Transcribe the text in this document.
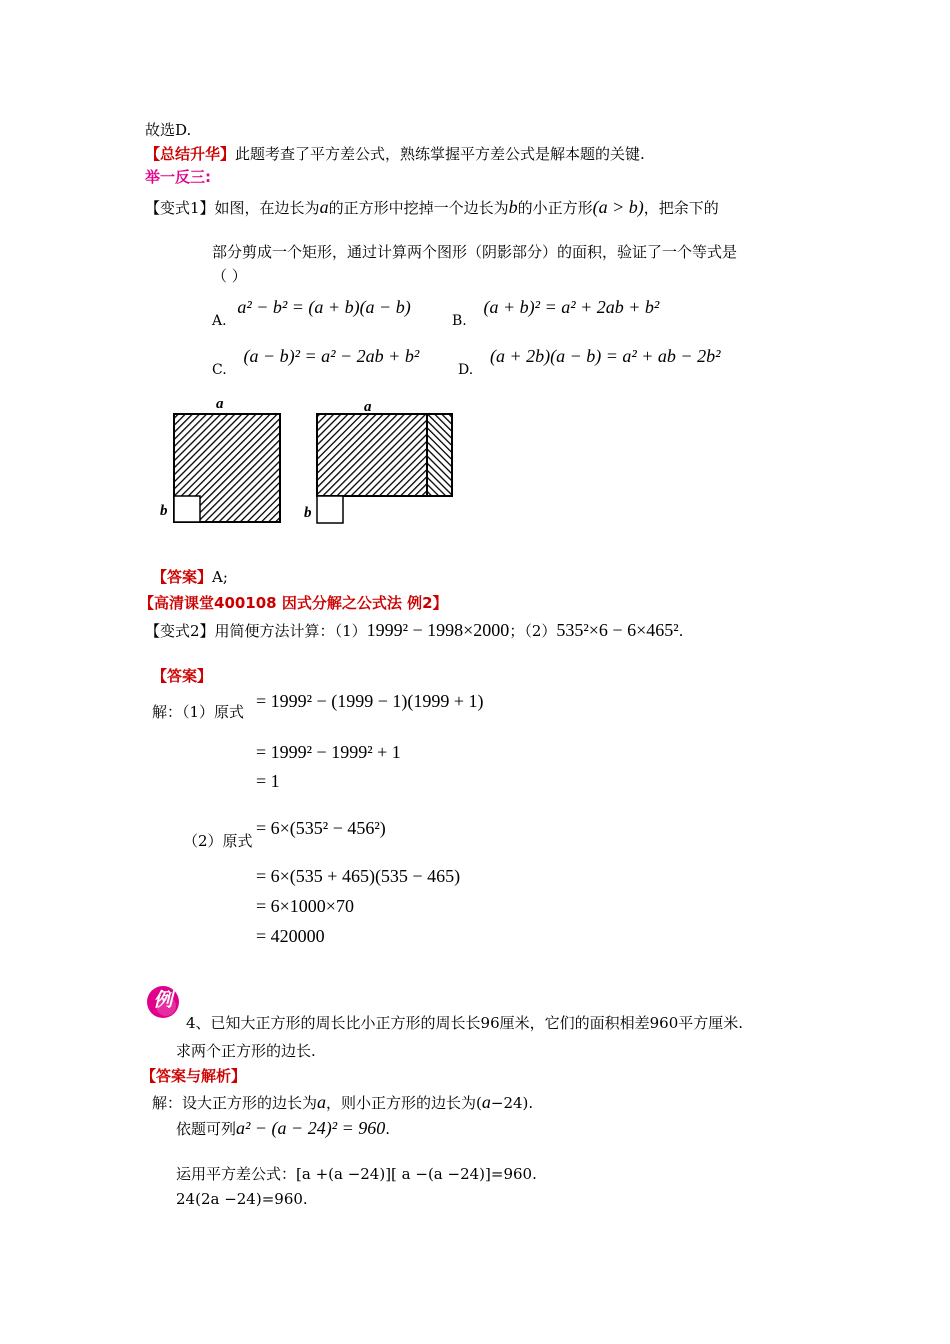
故选D.
【总结升华】此题考查了平方差公式，熟练掌握平方差公式是解本题的关键.
举一反三:
【变式1】如图，在边长为a的正方形中挖掉一个边长为b的小正方形(a > b)，把余下的
部分剪成一个矩形，通过计算两个图形（阴影部分）的面积，验证了一个等式是
（ ）
A. a² − b² = (a + b)(a − b)
B. (a + b)² = a² + 2ab + b²
C. (a − b)² = a² − 2ab + b²
D. (a + 2b)(a − b) = a² + ab − 2b²
a
b
a
b
【答案】A;
【高清课堂400108 因式分解之公式法 例2】
【变式2】用简便方法计算：（1）1999² − 1998×2000；（2）535²×6 − 6×465².
【答案】
解：（1）原式
= 1999² − (1999 − 1)(1999 + 1)
= 1999² − 1999² + 1
= 1
（2）原式
= 6×(535² − 456²)
= 6×(535 + 465)(535 − 465)
= 6×1000×70
= 420000
例
4、已知大正方形的周长比小正方形的周长长96厘米，它们的面积相差960平方厘米.
求两个正方形的边长.
【答案与解析】
解：设大正方形的边长为a，则小正方形的边长为(a−24).
依题可列a² − (a − 24)² = 960.
运用平方差公式：[a +(a −24)][ a −(a −24)]=960.
24(2a −24)=960.
